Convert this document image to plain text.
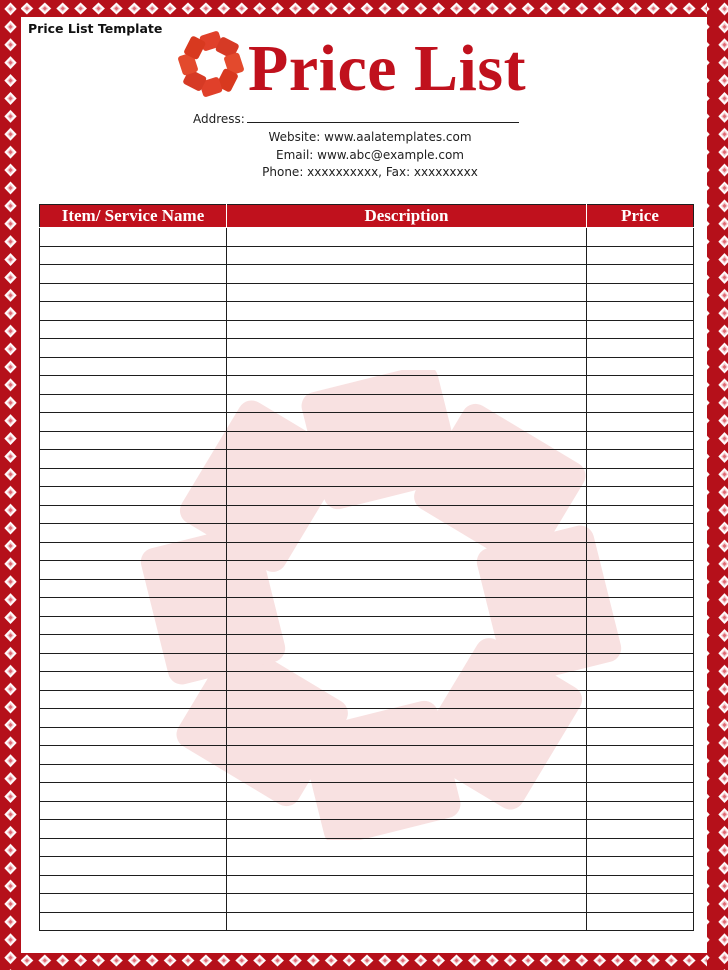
Price List Template
Price List
Address:
Website: www.aalatemplates.com
Email: www.abc@example.com
Phone: xxxxxxxxxx, Fax: xxxxxxxxx
Item/ Service Name	Description	Price
